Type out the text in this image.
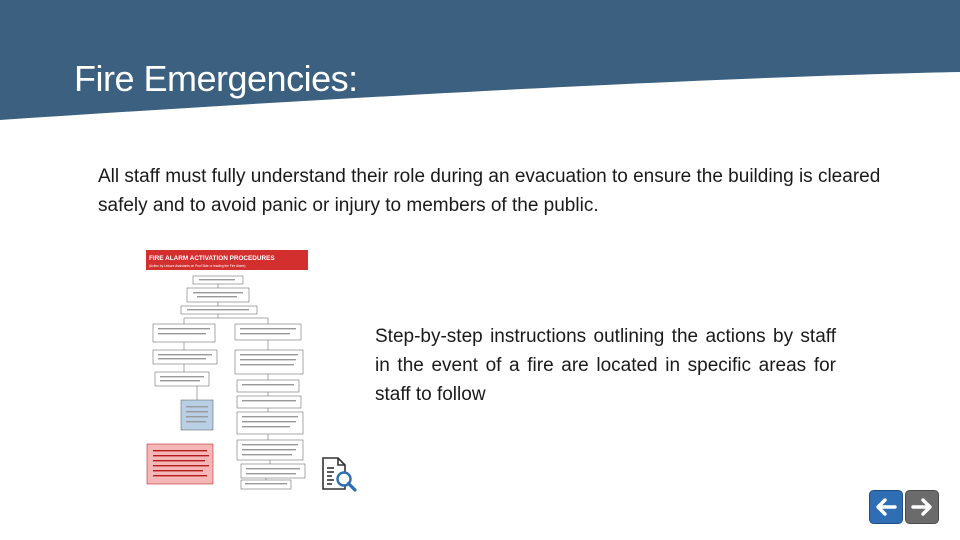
Fire Emergencies:

All staff must fully understand their role during an evacuation to ensure the building is cleared safely and to avoid panic or injury to members of the public.

FIRE ALARM ACTIVATION PROCEDURES
(Action by Leisure Assistants on Pool Side or leading the Fire Alarm)

Step-by-step instructions outlining the actions by staff in the event of a fire are located in specific areas for staff to follow
